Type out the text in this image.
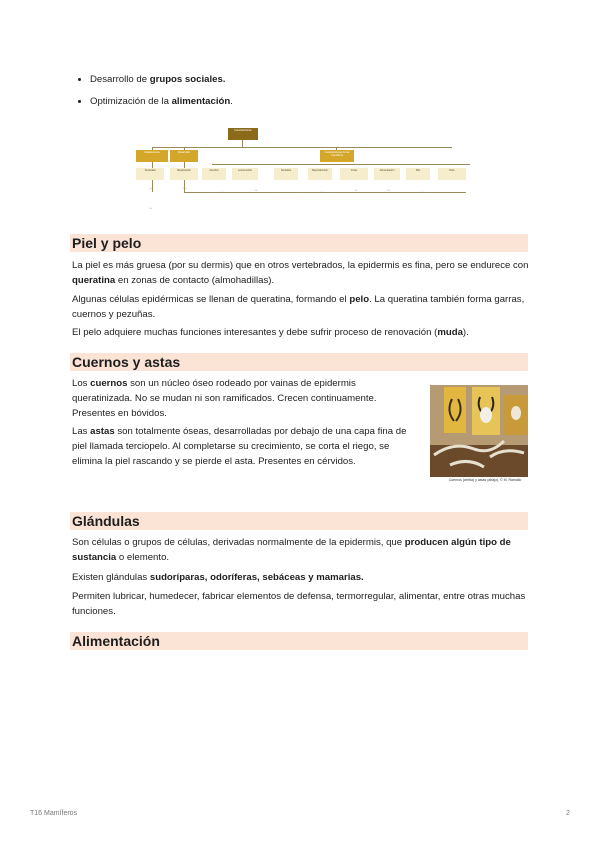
• Desarrollo de grupos sociales.
• Optimización de la alimentación.
Características
Adaptaciones	Desarrollo	Características de los mamíferos
Sociedad	Respiración	Cerebro	Locomoción	Sentidos	Reproducción	Crías	Alimentación	Piel	Pelo
▪ ▪	▪ ▪ ▪
▪ ▪
▪ ▪
▪ ▪	▪ ▪
▪ ▪	▪ ▪
▪ ▪	▪
▪ ▪
Piel y pelo

La piel es más gruesa (por su dermis) que en otros vertebrados, la epidermis es fina, pero se endurece con queratina en zonas de contacto (almohadillas).

Algunas células epidérmicas se llenan de queratina, formando el pelo. La queratina también forma garras, cuernos y pezuñas.

El pelo adquiere muchas funciones interesantes y debe sufrir proceso de renovación (muda).

Cuernos y astas

Los cuernos son un núcleo óseo rodeado por vainas de epidermis queratinizada. No se mudan ni son ramificados. Crecen continuamente. Presentes en bóvidos.

Las astas son totalmente óseas, desarrolladas por debajo de una capa fina de piel llamada terciopelo. Al completarse su crecimiento, se corta el riego, se elimina la piel rascando y se pierde el asta. Presentes en cérvidos.

Cuernos (arriba) y astas (abajo). © M. Ramallo
Glándulas

Son células o grupos de células, derivadas normalmente de la epidermis, que producen algún tipo de sustancia o elemento.

Existen glándulas sudoríparas, odoríferas, sebáceas y mamarias.

Permiten lubricar, humedecer, fabricar elementos de defensa, termorregular, alimentar, entre otras muchas funciones.

Alimentación
T16 Mamíferos	2
